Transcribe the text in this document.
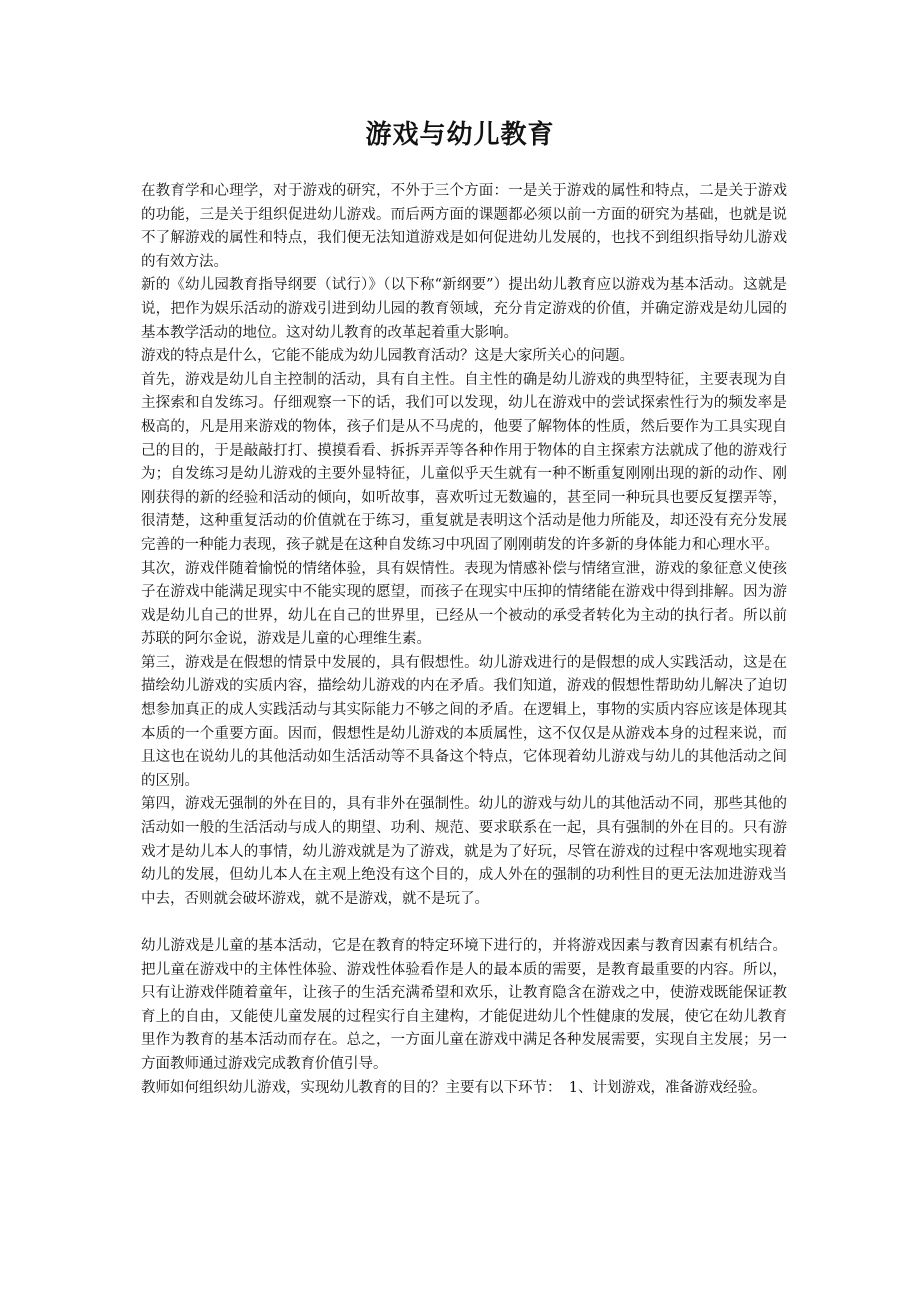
游戏与幼儿教育

在教育学和心理学，对于游戏的研究，不外于三个方面：一是关于游戏的属性和特点，二是关于游戏的功能，三是关于组织促进幼儿游戏。而后两方面的课题都必须以前一方面的研究为基础，也就是说不了解游戏的属性和特点，我们便无法知道游戏是如何促进幼儿发展的，也找不到组织指导幼儿游戏的有效方法。

新的《幼儿园教育指导纲要（试行）》（以下称“新纲要”）提出幼儿教育应以游戏为基本活动。这就是说，把作为娱乐活动的游戏引进到幼儿园的教育领域，充分肯定游戏的价值，并确定游戏是幼儿园的基本教学活动的地位。这对幼儿教育的改革起着重大影响。

游戏的特点是什么，它能不能成为幼儿园教育活动？这是大家所关心的问题。

首先，游戏是幼儿自主控制的活动，具有自主性。自主性的确是幼儿游戏的典型特征，主要表现为自主探索和自发练习。仔细观察一下的话，我们可以发现，幼儿在游戏中的尝试探索性行为的频发率是极高的，凡是用来游戏的物体，孩子们是从不马虎的，他要了解物体的性质，然后要作为工具实现自己的目的，于是敲敲打打、摸摸看看、拆拆弄弄等各种作用于物体的自主探索方法就成了他的游戏行为；自发练习是幼儿游戏的主要外显特征，儿童似乎天生就有一种不断重复刚刚出现的新的动作、刚刚获得的新的经验和活动的倾向，如听故事，喜欢听过无数遍的，甚至同一种玩具也要反复摆弄等，很清楚，这种重复活动的价值就在于练习，重复就是表明这个活动是他力所能及，却还没有充分发展完善的一种能力表现，孩子就是在这种自发练习中巩固了刚刚萌发的许多新的身体能力和心理水平。

其次，游戏伴随着愉悦的情绪体验，具有娱情性。表现为情感补偿与情绪宣泄，游戏的象征意义使孩子在游戏中能满足现实中不能实现的愿望，而孩子在现实中压抑的情绪能在游戏中得到排解。因为游戏是幼儿自己的世界，幼儿在自己的世界里，已经从一个被动的承受者转化为主动的执行者。所以前苏联的阿尔金说，游戏是儿童的心理维生素。

第三，游戏是在假想的情景中发展的，具有假想性。幼儿游戏进行的是假想的成人实践活动，这是在描绘幼儿游戏的实质内容，描绘幼儿游戏的内在矛盾。我们知道，游戏的假想性帮助幼儿解决了迫切想参加真正的成人实践活动与其实际能力不够之间的矛盾。在逻辑上，事物的实质内容应该是体现其本质的一个重要方面。因而，假想性是幼儿游戏的本质属性，这不仅仅是从游戏本身的过程来说，而且这也在说幼儿的其他活动如生活活动等不具备这个特点，它体现着幼儿游戏与幼儿的其他活动之间的区别。

第四，游戏无强制的外在目的，具有非外在强制性。幼儿的游戏与幼儿的其他活动不同，那些其他的活动如一般的生活活动与成人的期望、功利、规范、要求联系在一起，具有强制的外在目的。只有游戏才是幼儿本人的事情，幼儿游戏就是为了游戏，就是为了好玩，尽管在游戏的过程中客观地实现着幼儿的发展，但幼儿本人在主观上绝没有这个目的，成人外在的强制的功利性目的更无法加进游戏当中去，否则就会破坏游戏，就不是游戏，就不是玩了。

幼儿游戏是儿童的基本活动，它是在教育的特定环境下进行的，并将游戏因素与教育因素有机结合。把儿童在游戏中的主体性体验、游戏性体验看作是人的最本质的需要，是教育最重要的内容。所以，只有让游戏伴随着童年，让孩子的生活充满希望和欢乐，让教育隐含在游戏之中，使游戏既能保证教育上的自由，又能使儿童发展的过程实行自主建构，才能促进幼儿个性健康的发展，使它在幼儿教育里作为教育的基本活动而存在。总之，一方面儿童在游戏中满足各种发展需要，实现自主发展；另一方面教师通过游戏完成教育价值引导。

教师如何组织幼儿游戏，实现幼儿教育的目的？主要有以下环节：　1、计划游戏，准备游戏经验。
